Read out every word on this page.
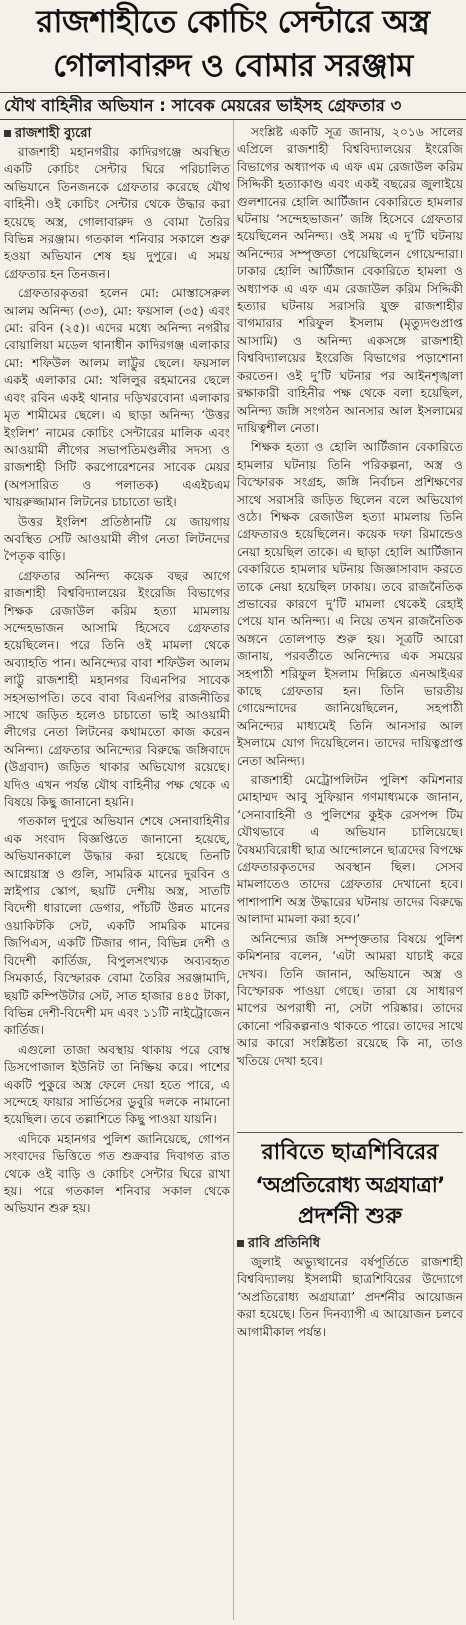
রাজশাহীতে কোচিং সেন্টারে অস্ত্র
গোলাবারুদ ও বোমার সরঞ্জাম
যৌথ বাহিনীর অভিযান : সাবেক মেয়রের ভাইসহ গ্রেফতার ৩
রাজশাহী ব্যুরো

রাজশাহী মহানগরীর কাদিরগঞ্জে অবস্থিত একটি কোচিং সেন্টার ঘিরে পরিচালিত অভিযানে তিনজনকে গ্রেফতার করেছে যৌথ বাহিনী। ওই কোচিং সেন্টার থেকে উদ্ধার করা হয়েছে অস্ত্র, গোলাবারুদ ও বোমা তৈরির বিভিন্ন সরঞ্জাম। গতকাল শনিবার সকালে শুরু হওয়া অভিযান শেষ হয় দুপুরে। এ সময় গ্রেফতার হন তিনজন।

গ্রেফতারকৃতরা হলেন মো: মোস্তাসেরুল আলম অনিন্দ্য (৩৩), মো: ফয়সাল (৩৫) এবং মো: রবিন (২৫)। এদের মধ্যে অনিন্দ্য নগরীর বোয়ালিয়া মডেল থানাধীন কাদিরগঞ্জ এলাকার মো: শফিউল আলম লাট্টুর ছেলে। ফয়সাল একই এলাকার মো: খলিলুর রহমানের ছেলে এবং রবিন একই থানার দড়িখরবোনা এলাকার মৃত শামীমের ছেলে। এ ছাড়া অনিন্দ্য ‘উত্তর ইংলিশ’ নামের কোচিং সেন্টারের মালিক এবং আওয়ামী লীগের সভাপতিমণ্ডলীর সদস্য ও রাজশাহী সিটি করপোরেশনের সাবেক মেয়র (অপসারিত ও পলাতক) এএইচএম খায়রুজ্জামান লিটনের চাচাতো ভাই।

উত্তর ইংলিশ প্রতিষ্ঠানটি যে জায়গায় অবস্থিত সেটি আওয়ামী লীগ নেতা লিটনদের পৈতৃক বাড়ি।

গ্রেফতার অনিন্দ্য কয়েক বছর আগে রাজশাহী বিশ্ববিদ্যালয়ের ইংরেজি বিভাগের শিক্ষক রেজাউল করিম হত্যা মামলায় সন্দেহভাজন আসামি হিসেবে গ্রেফতার হয়েছিলেন। পরে তিনি ওই মামলা থেকে অব্যাহতি পান। অনিন্দ্যের বাবা শফিউল আলম লাট্টু রাজশাহী মহানগর বিএনপির সাবেক সহসভাপতি। তবে বাবা বিএনপির রাজনীতির সাথে জড়িত হলেও চাচাতো ভাই আওয়ামী লীগের নেতা লিটনের কথামতো কাজ করেন অনিন্দ্য। গ্রেফতার অনিন্দ্যের বিরুদ্ধে জঙ্গিবাদে (উগ্রবাদ) জড়িত থাকার অভিযোগ রয়েছে। যদিও এখন পর্যন্ত যৌথ বাহিনীর পক্ষ থেকে এ বিষয়ে কিছু জানানো হয়নি।

গতকাল দুপুরে অভিযান শেষে সেনাবাহিনীর এক সংবাদ বিজ্ঞপ্তিতে জানানো হয়েছে, অভিযানকালে উদ্ধার করা হয়েছে তিনটি আগ্নেয়াস্ত্র ও গুলি, সামরিক মানের দুরবিন ও স্নাইপার স্কোপ, ছয়টি দেশীয় অস্ত্র, সাতটি বিদেশী ধারালো ডেগার, পাঁচটি উন্নত মানের ওয়াকিটকি সেট, একটি সামরিক মানের জিপিএস, একটি টিজার গান, বিভিন্ন দেশী ও বিদেশী কার্তিজ, বিপুলসংখ্যক অব্যবহৃত সিমকার্ড, বিস্ফোরক বোমা তৈরির সরঞ্জামাদি, ছয়টি কম্পিউটার সেট, সাত হাজার ৪৪৫ টাকা, বিভিন্ন দেশী-বিদেশী মদ এবং ১১টি নাইট্রোজেন কার্তিজ।

এগুলো তাজা অবস্থায় থাকায় পরে বোম্ব ডিসপোজাল ইউনিট তা নিষ্ক্রিয় করে। পাশের একটি পুকুরে অস্ত্র ফেলে দেয়া হতে পারে, এ সন্দেহে ফায়ার সার্ভিসের ডুবুরি দলকে নামানো হয়েছিল। তবে তল্লাশিতে কিছু পাওয়া যায়নি।

এদিকে মহানগর পুলিশ জানিয়েছে, গোপন সংবাদের ভিত্তিতে গত শুক্রবার দিবাগত রাত থেকে ওই বাড়ি ও কোচিং সেন্টার ঘিরে রাখা হয়। পরে গতকাল শনিবার সকাল থেকে অভিযান শুরু হয়।

সংশ্লিষ্ট একটি সূত্র জানায়, ২০১৬ সালের এপ্রিলে রাজশাহী বিশ্ববিদ্যালয়ের ইংরেজি বিভাগের অধ্যাপক এ এফ এম রেজাউল করিম সিদ্দিকী হত্যাকাণ্ড এবং একই বছরের জুলাইয়ে গুলশানের হোলি আর্টিজান বেকারিতে হামলার ঘটনায় ‘সন্দেহভাজন’ জঙ্গি হিসেবে গ্রেফতার হয়েছিলেন অনিন্দ্য। ওই সময় এ দু’টি ঘটনায় অনিন্দ্যের সম্পৃক্ততা পেয়েছিলেন গোয়েন্দারা। ঢাকার হোলি আর্টিজান বেকারিতে হামলা ও অধ্যাপক এ এফ এম রেজাউল করিম সিদ্দিকী হত্যার ঘটনায় সরাসরি যুক্ত রাজশাহীর বাগমারার শরিফুল ইসলাম (মৃত্যুদণ্ডপ্রাপ্ত আসামি) ও অনিন্দ্য একসঙ্গে রাজশাহী বিশ্ববিদ্যালয়ের ইংরেজি বিভাগের পড়াশোনা করতেন। ওই দু’টি ঘটনার পর আইনশৃঙ্খলা রক্ষাকারী বাহিনীর পক্ষ থেকে বলা হয়েছিল, অনিন্দ্য জঙ্গি সংগঠন আনসার আল ইসলামের দায়িত্বশীল নেতা।

শিক্ষক হত্যা ও হোলি আর্টিজান বেকারিতে হামলার ঘটনায় তিনি পরিকল্পনা, অস্ত্র ও বিস্ফোরক সংগ্রহ, জঙ্গি নির্বাচন প্রশিক্ষণের সাথে সরাসরি জড়িত ছিলেন বলে অভিযোগ ওঠে। শিক্ষক রেজাউল হত্যা মামলায় তিনি গ্রেফতারও হয়েছিলেন। কয়েক দফা রিমান্ডেও নেয়া হয়েছিল তাকে। এ ছাড়া হোলি আর্টিজান বেকারিতে হামলার ঘটনায় জিজ্ঞাসাবাদ করতে তাকে নেয়া হয়েছিল ঢাকায়। তবে রাজনৈতিক প্রভাবের কারণে দু’টি মামলা থেকেই রেহাই পেয়ে যান অনিন্দ্য। এ নিয়ে তখন রাজনৈতিক অঙ্গনে তোলপাড় শুরু হয়। সূত্রটি আরো জানায়, পরবর্তীতে অনিন্দ্যের এক সময়ের সহপাঠী শরিফুল ইসলাম দিল্লিতে এনআইএর কাছে গ্রেফতার হন। তিনি ভারতীয় গোয়েন্দাদের জানিয়েছিলেন, সহপাঠী অনিন্দ্যের মাধ্যমেই তিনি আনসার আল ইসলামে যোগ দিয়েছিলেন। তাদের দায়িত্বপ্রাপ্ত নেতা অনিন্দ্য।

রাজশাহী মেট্রোপলিটন পুলিশ কমিশনার মোহাম্মদ আবু সুফিয়ান গণমাধ্যমকে জানান, ‘সেনাবাহিনী ও পুলিশের কুইক রেসপন্স টিম যৌথভাবে এ অভিযান চালিয়েছে। বৈষম্যবিরোধী ছাত্র আন্দোলনে ছাত্রদের বিপক্ষে গ্রেফতারকৃতদের অবস্থান ছিল। সেসব মামলাতেও তাদের গ্রেফতার দেখানো হবে। পাশাপাশি অস্ত্র উদ্ধারের ঘটনায় তাদের বিরুদ্ধে আলাদা মামলা করা হবে।’

অনিন্দ্যের জঙ্গি সম্পৃক্ততার বিষয়ে পুলিশ কমিশনার বলেন, ‘এটা আমরা যাচাই করে দেখব। তিনি জানান, অভিযানে অস্ত্র ও বিস্ফোরক পাওয়া গেছে। তারা যে সাধারণ মাপের অপরাধী না, সেটা পরিষ্কার। তাদের কোনো পরিকল্পনাও থাকতে পারে। তাদের সাথে আর কারো সংশ্লিষ্টতা রয়েছে কি না, তাও খতিয়ে দেখা হবে।

রাবিতে ছাত্রশিবিরের
‘অপ্রতিরোধ্য অগ্রযাত্রা’
প্রদর্শনী শুরু
রাবি প্রতিনিধি

জুলাই অভ্যুত্থানের বর্ষপূর্তিতে রাজশাহী বিশ্ববিদ্যালয় ইসলামী ছাত্রশিবিরের উদ্যোগে ‘অপ্রতিরোধ্য অগ্রযাত্রা’ প্রদর্শনীর আয়োজন করা হয়েছে। তিন দিনব্যাপী এ আয়োজন চলবে আগামীকাল পর্যন্ত।
